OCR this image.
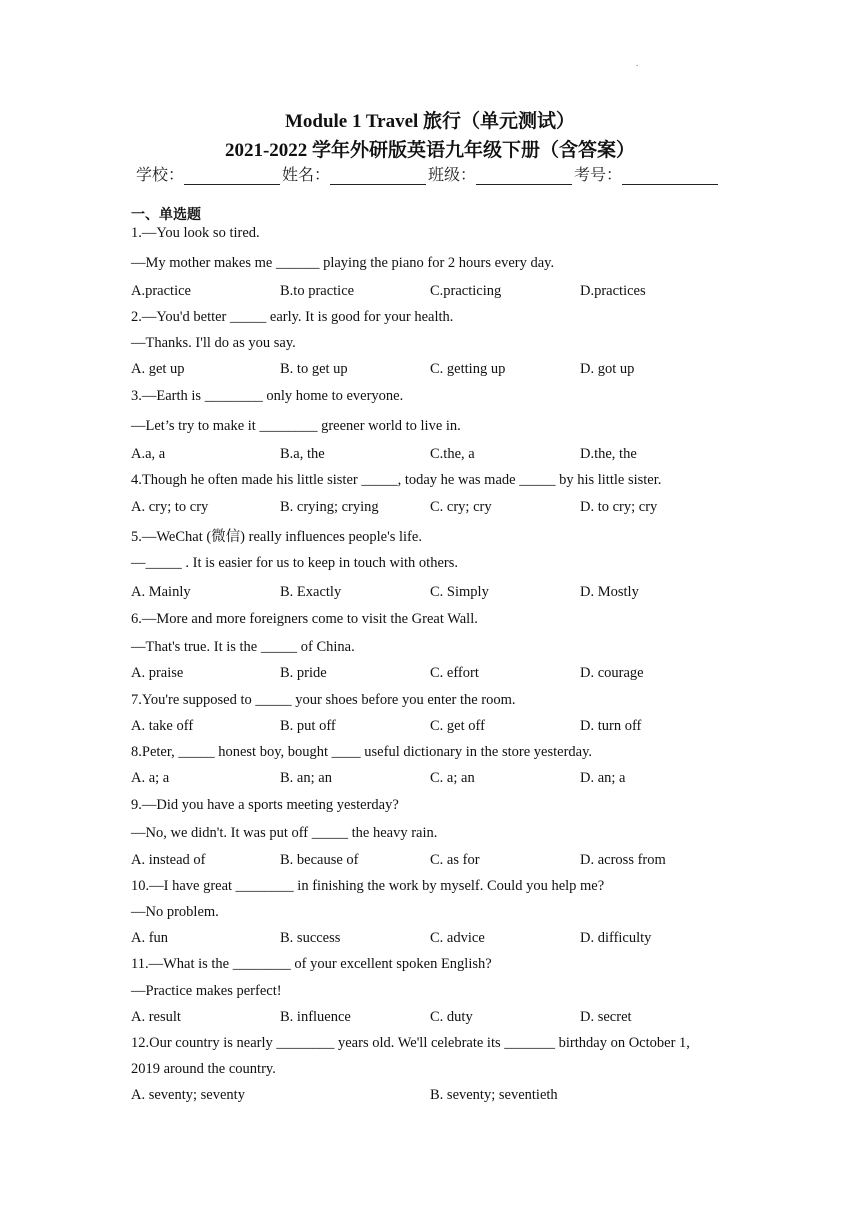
.
Module 1 Travel 旅行（单元测试）
2021-2022 学年外研版英语九年级下册（含答案）
学校：	姓名：	班级：	考号：
一、单选题
1.—You look so tired.
—My mother makes me ______ playing the piano for 2 hours every day.
A.practice	B.to practice	C.practicing	D.practices
2.—You'd better _____ early. It is good for your health.
—Thanks. I'll do as you say.
A. get up	B. to get up	C. getting up	D. got up
3.—Earth is ________ only home to everyone.
—Let’s try to make it ________ greener world to live in.
A.a, a	B.a, the	C.the, a	D.the, the
4.Though he often made his little sister _____, today he was made _____ by his little sister.
A. cry; to cry	B. crying; crying	C. cry; cry	D. to cry; cry
5.—WeChat (微信) really influences people's life.
—_____ . It is easier for us to keep in touch with others.
A. Mainly	B. Exactly	C. Simply	D. Mostly
6.—More and more foreigners come to visit the Great Wall.
—That's true. It is the _____ of China.
A. praise	B. pride	C. effort	D. courage
7.You're supposed to _____ your shoes before you enter the room.
A. take off	B. put off	C. get off	D. turn off
8.Peter, _____ honest boy, bought ____ useful dictionary in the store yesterday.
A. a; a	B. an; an	C. a; an	D. an; a
9.—Did you have a sports meeting yesterday?
—No, we didn't. It was put off _____ the heavy rain.
A. instead of	B. because of	C. as for	D. across from
10.—I have great ________ in finishing the work by myself. Could you help me?
—No problem.
A. fun	B. success	C. advice	D. difficulty
11.—What is the ________ of your excellent spoken English?
—Practice makes perfect!
A. result	B. influence	C. duty	D. secret
12.Our country is nearly ________ years old. We'll celebrate its _______ birthday on October 1,
2019 around the country.
A. seventy; seventy	B. seventy; seventieth
